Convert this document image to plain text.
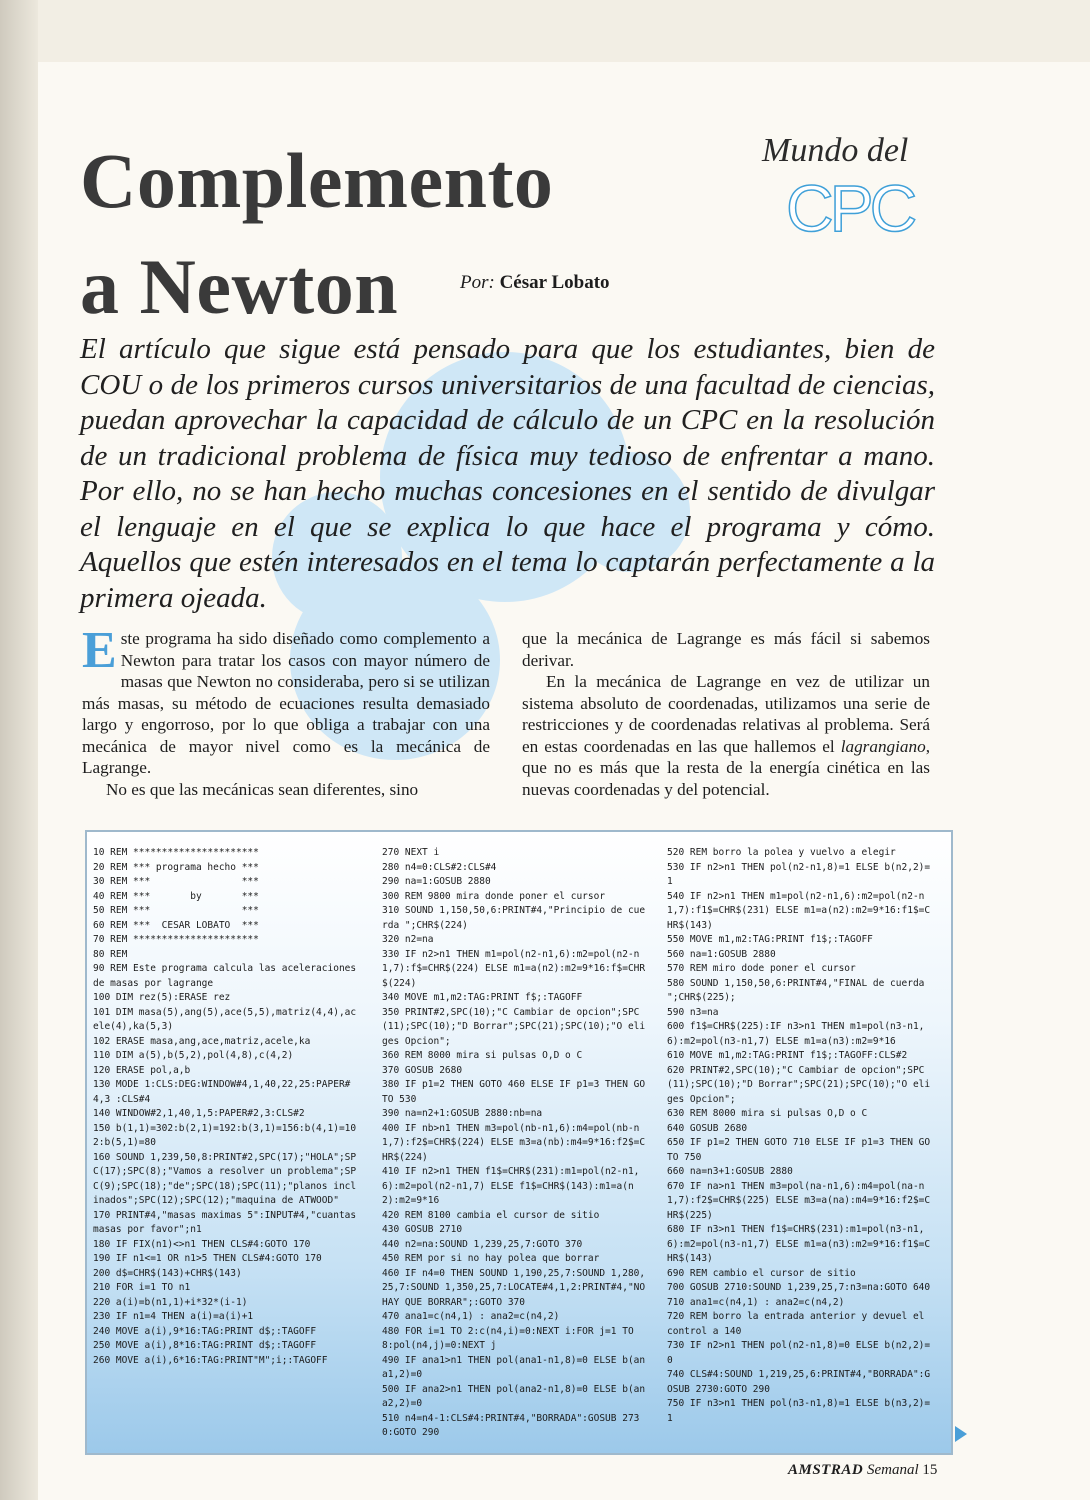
Complemento
a Newton	Por: César Lobato
Mundo del
CPC

El artículo que sigue está pensado para que los estudiantes, bien de COU o de los primeros cursos universitarios de una facultad de ciencias, puedan aprovechar la capacidad de cálculo de un CPC en la resolución de un tradicional problema de física muy tedioso de enfrentar a mano. Por ello, no se han hecho muchas concesiones en el sentido de divulgar el lenguaje en el que se explica lo que hace el programa y cómo. Aquellos que estén interesados en el tema lo captarán perfectamente a la primera ojeada.

Este programa ha sido diseñado como complemento a Newton para tratar los casos con mayor número de masas que Newton no consideraba, pero si se utilizan más masas, su método de ecuaciones resulta demasiado largo y engorroso, por lo que obliga a trabajar con una mecánica de mayor nivel como es la mecánica de Lagrange.

No es que las mecánicas sean diferentes, sino

que la mecánica de Lagrange es más fácil si sabemos derivar.

En la mecánica de Lagrange en vez de utilizar un sistema absoluto de coordenadas, utilizamos una serie de restricciones y de coordenadas relativas al problema. Será en estas coordenadas en las que hallemos el lagrangiano, que no es más que la resta de la energía cinética en las nuevas coordenadas y del potencial.

10 REM **********************
20 REM *** programa hecho ***
30 REM ***                ***
40 REM ***       by       ***
50 REM ***                ***
60 REM ***  CESAR LOBATO  ***
70 REM **********************
80 REM
90 REM Este programa calcula las aceleraciones de masas por lagrange
100 DIM rez(5):ERASE rez
101 DIM masa(5),ang(5),ace(5,5),matriz(4,4),acele(4),ka(5,3)
102 ERASE masa,ang,ace,matriz,acele,ka
110 DIM a(5),b(5,2),pol(4,8),c(4,2)
120 ERASE pol,a,b
130 MODE 1:CLS:DEG:WINDOW#4,1,40,22,25:PAPER#4,3 :CLS#4
140 WINDOW#2,1,40,1,5:PAPER#2,3:CLS#2
150 b(1,1)=302:b(2,1)=192:b(3,1)=156:b(4,1)=102:b(5,1)=80
160 SOUND 1,239,50,8:PRINT#2,SPC(17);"HOLA";SPC(17);SPC(8);"Vamos a resolver un problema";SPC(9);SPC(18);"de";SPC(18);SPC(11);"planos inclinados";SPC(12);SPC(12);"maquina de ATWOOD"
170 PRINT#4,"masas maximas 5":INPUT#4,"cuantas masas por favor";n1
180 IF FIX(n1)<>n1 THEN CLS#4:GOTO 170
190 IF n1<=1 OR n1>5 THEN CLS#4:GOTO 170
200 d$=CHR$(143)+CHR$(143)
210 FOR i=1 TO n1
220 a(i)=b(n1,1)+i*32*(i-1)
230 IF n1=4 THEN a(i)=a(i)+1
240 MOVE a(i),9*16:TAG:PRINT d$;:TAGOFF
250 MOVE a(i),8*16:TAG:PRINT d$;:TAGOFF
260 MOVE a(i),6*16:TAG:PRINT"M";i;:TAGOFF
270 NEXT i
280 n4=0:CLS#2:CLS#4
290 na=1:GOSUB 2880
300 REM 9800 mira donde poner el cursor
310 SOUND 1,150,50,6:PRINT#4,"Principio de cuerda ";CHR$(224)
320 n2=na
330 IF n2>n1 THEN m1=pol(n2-n1,6):m2=pol(n2-n1,7):f$=CHR$(224) ELSE m1=a(n2):m2=9*16:f$=CHR$(224)
340 MOVE m1,m2:TAG:PRINT f$;:TAGOFF
350 PRINT#2,SPC(10);"C Cambiar de opcion";SPC(11);SPC(10);"D Borrar";SPC(21);SPC(10);"O eliges Opcion";
360 REM 8000 mira si pulsas O,D o C
370 GOSUB 2680
380 IF p1=2 THEN GOTO 460 ELSE IF p1=3 THEN GOTO 530
390 na=n2+1:GOSUB 2880:nb=na
400 IF nb>n1 THEN m3=pol(nb-n1,6):m4=pol(nb-n1,7):f2$=CHR$(224) ELSE m3=a(nb):m4=9*16:f2$=CHR$(224)
410 IF n2>n1 THEN f1$=CHR$(231):m1=pol(n2-n1,6):m2=pol(n2-n1,7) ELSE f1$=CHR$(143):m1=a(n2):m2=9*16
420 REM 8100 cambia el cursor de sitio
430 GOSUB 2710
440 n2=na:SOUND 1,239,25,7:GOTO 370
450 REM por si no hay polea que borrar
460 IF n4=0 THEN SOUND 1,190,25,7:SOUND 1,280,25,7:SOUND 1,350,25,7:LOCATE#4,1,2:PRINT#4,"NO HAY QUE BORRAR";:GOTO 370
470 ana1=c(n4,1) : ana2=c(n4,2)
480 FOR i=1 TO 2:c(n4,i)=0:NEXT i:FOR j=1 TO 8:pol(n4,j)=0:NEXT j
490 IF ana1>n1 THEN pol(ana1-n1,8)=0 ELSE b(ana1,2)=0
500 IF ana2>n1 THEN pol(ana2-n1,8)=0 ELSE b(ana2,2)=0
510 n4=n4-1:CLS#4:PRINT#4,"BORRADA":GOSUB 2730:GOTO 290
520 REM borro la polea y vuelvo a elegir
530 IF n2>n1 THEN pol(n2-n1,8)=1 ELSE b(n2,2)=1
540 IF n2>n1 THEN m1=pol(n2-n1,6):m2=pol(n2-n1,7):f1$=CHR$(231) ELSE m1=a(n2):m2=9*16:f1$=CHR$(143)
550 MOVE m1,m2:TAG:PRINT f1$;:TAGOFF
560 na=1:GOSUB 2880
570 REM miro dode poner el cursor
580 SOUND 1,150,50,6:PRINT#4,"FINAL de cuerda ";CHR$(225);
590 n3=na
600 f1$=CHR$(225):IF n3>n1 THEN m1=pol(n3-n1,6):m2=pol(n3-n1,7) ELSE m1=a(n3):m2=9*16
610 MOVE m1,m2:TAG:PRINT f1$;:TAGOFF:CLS#2
620 PRINT#2,SPC(10);"C Cambiar de opcion";SPC(11);SPC(10);"D Borrar";SPC(21);SPC(10);"O eliges Opcion";
630 REM 8000 mira si pulsas O,D o C
640 GOSUB 2680
650 IF p1=2 THEN GOTO 710 ELSE IF p1=3 THEN GOTO 750
660 na=n3+1:GOSUB 2880
670 IF na>n1 THEN m3=pol(na-n1,6):m4=pol(na-n1,7):f2$=CHR$(225) ELSE m3=a(na):m4=9*16:f2$=CHR$(225)
680 IF n3>n1 THEN f1$=CHR$(231):m1=pol(n3-n1,6):m2=pol(n3-n1,7) ELSE m1=a(n3):m2=9*16:f1$=CHR$(143)
690 REM cambio el cursor de sitio
700 GOSUB 2710:SOUND 1,239,25,7:n3=na:GOTO 640
710 ana1=c(n4,1) : ana2=c(n4,2)
720 REM borro la entrada anterior y devuel el control a 140
730 IF n2>n1 THEN pol(n2-n1,8)=0 ELSE b(n2,2)=0
740 CLS#4:SOUND 1,219,25,6:PRINT#4,"BORRADA":GOSUB 2730:GOTO 290
750 IF n3>n1 THEN pol(n3-n1,8)=1 ELSE b(n3,2)=1
AMSTRAD Semanal 15
